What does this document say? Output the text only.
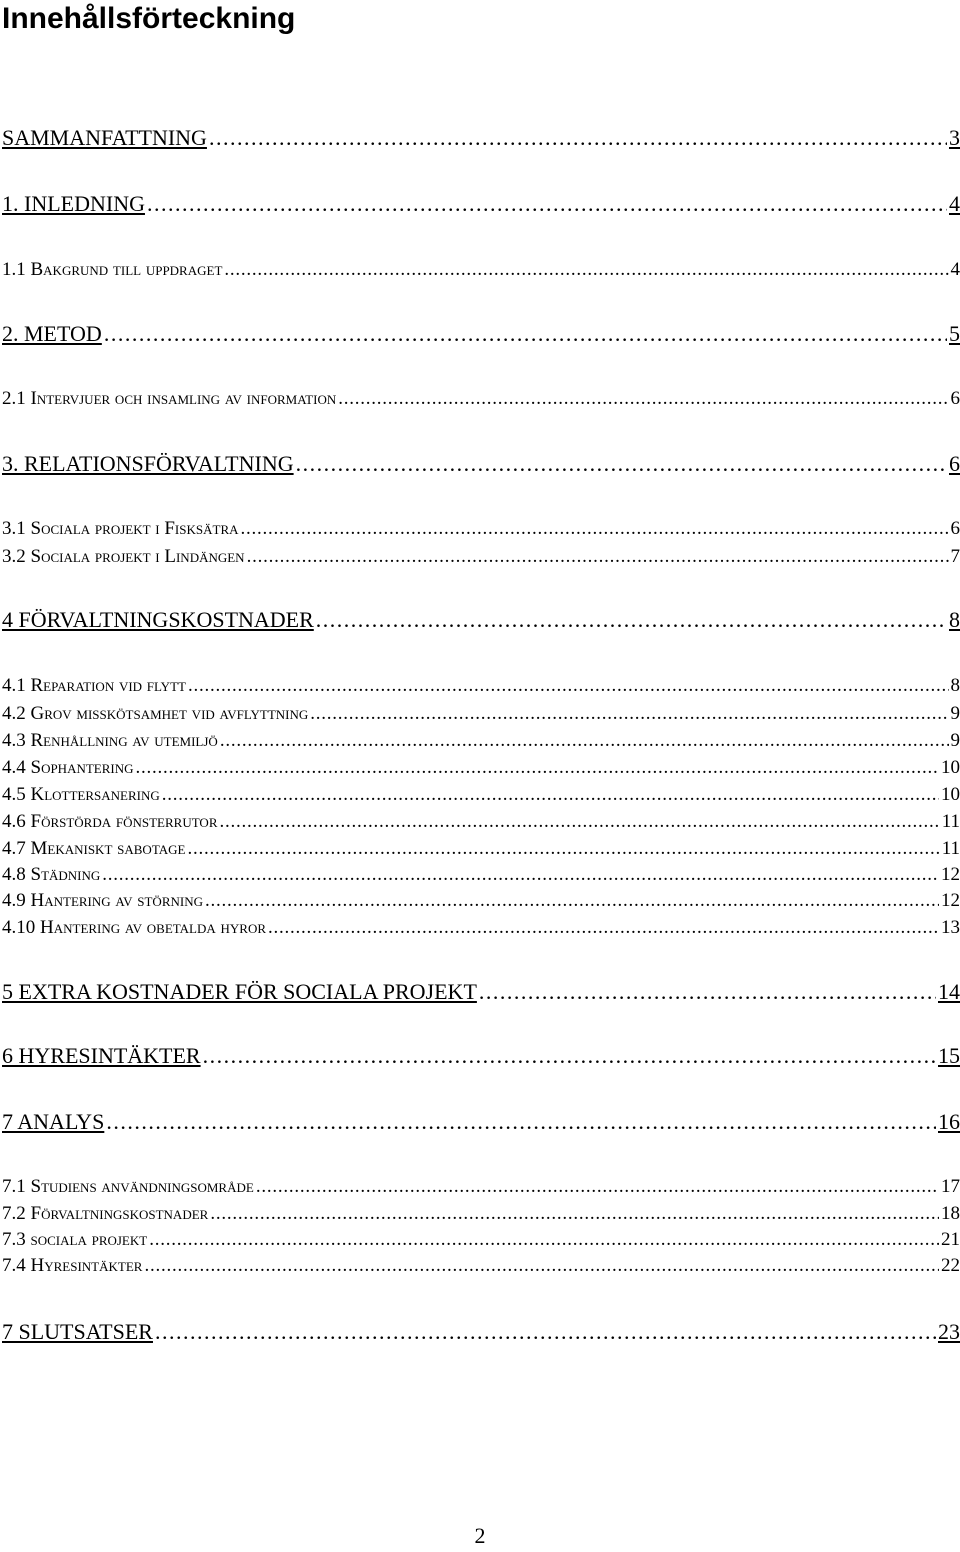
Innehållsförteckning
SAMMANFATTNING . . .	3
1. INLEDNING . . .	4
1.1 Bakgrund till uppdraget . . .	4
2. METOD . . .	5
2.1 Intervjuer och insamling av information . . .	6
3. RELATIONSFÖRVALTNING . . .	6
3.1 Sociala projekt i Fisksätra . . .	6
3.2 Sociala projekt i Lindängen . . .	7
4 FÖRVALTNINGSKOSTNADER . . .	8
4.1 Reparation vid flytt . . .	8
4.2 Grov misskötsamhet vid avflyttning . . .	9
4.3 Renhållning av utemiljö . . .	9
4.4 Sophantering . . .	10
4.5 Klottersanering . . .	10
4.6 Förstörda fönsterrutor . . .	11
4.7 Mekaniskt sabotage . . .	11
4.8 Städning . . .	12
4.9 Hantering av störning . . .	12
4.10 Hantering av obetalda hyror . . .	13
5 EXTRA KOSTNADER FÖR SOCIALA PROJEKT . . .	14
6 HYRESINTÄKTER . . .	15
7 ANALYS . . .	16
7.1 Studiens användningsområde . . .	17
7.2 Förvaltningskostnader . . .	18
7.3 sociala projekt . . .	21
7.4 Hyresintäkter . . .	22
7 SLUTSATSER . . .	23
2
